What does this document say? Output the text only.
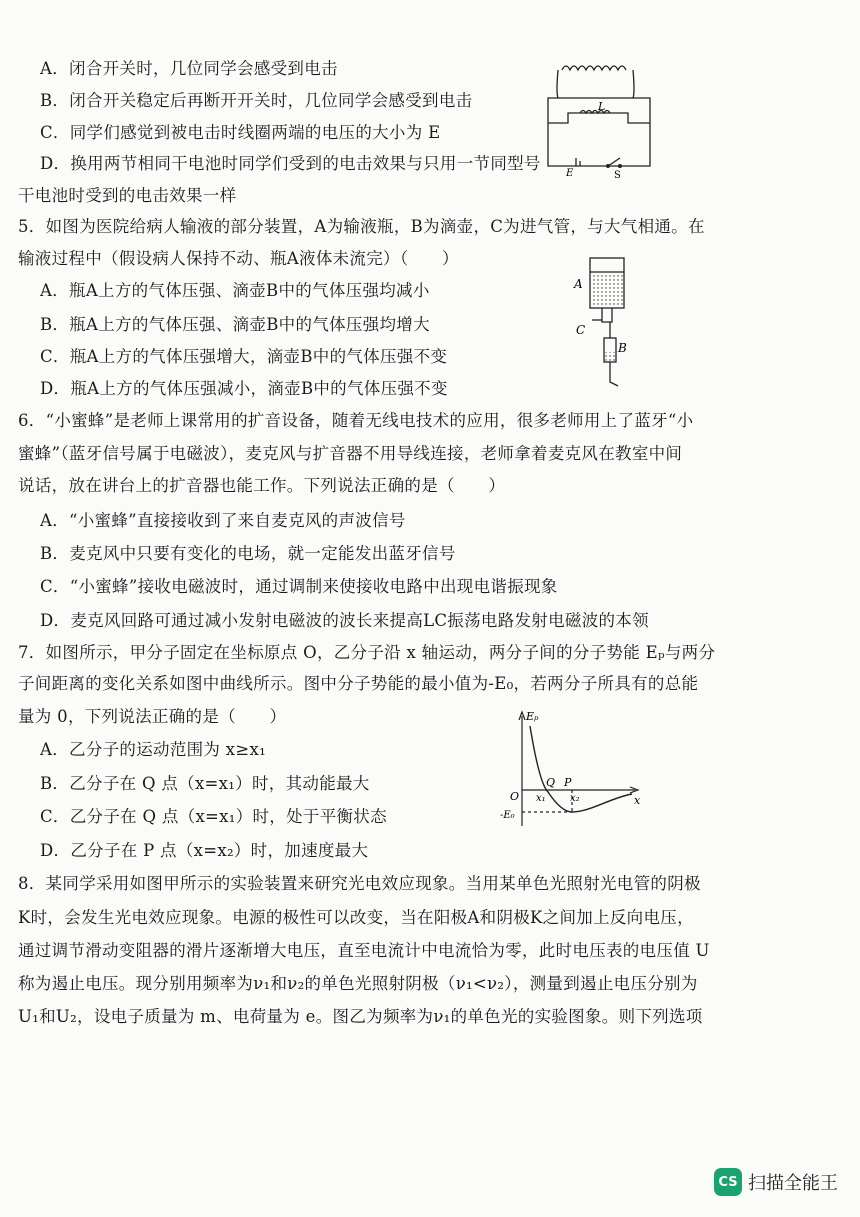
A．闭合开关时，几位同学会感受到电击
B．闭合开关稳定后再断开开关时，几位同学会感受到电击
C．同学们感觉到被电击时线圈两端的电压的大小为 E
D．换用两节相同干电池时同学们受到的电击效果与只用一节同型号
干电池时受到的电击效果一样
L
E	S
5．如图为医院给病人输液的部分装置，A为输液瓶，B为滴壶，C为进气管，与大气相通。在
输液过程中（假设病人保持不动、瓶A液体未流完）（　　）
A．瓶A上方的气体压强、滴壶B中的气体压强均减小
B．瓶A上方的气体压强、滴壶B中的气体压强均增大
C．瓶A上方的气体压强增大，滴壶B中的气体压强不变
D．瓶A上方的气体压强减小，滴壶B中的气体压强不变
A
C
B
6．“小蜜蜂”是老师上课常用的扩音设备，随着无线电技术的应用，很多老师用上了蓝牙“小
蜜蜂”（蓝牙信号属于电磁波），麦克风与扩音器不用导线连接，老师拿着麦克风在教室中间
说话，放在讲台上的扩音器也能工作。下列说法正确的是（　　）
A．“小蜜蜂”直接接收到了来自麦克风的声波信号
B．麦克风中只要有变化的电场，就一定能发出蓝牙信号
C．“小蜜蜂”接收电磁波时，通过调制来使接收电路中出现电谐振现象
D．麦克风回路可通过减小发射电磁波的波长来提高LC振荡电路发射电磁波的本领
7．如图所示，甲分子固定在坐标原点 O，乙分子沿 x 轴运动，两分子间的分子势能 Eₚ与两分
子间距离的变化关系如图中曲线所示。图中分子势能的最小值为-E₀，若两分子所具有的总能
量为 0，下列说法正确的是（　　）
A．乙分子的运动范围为 x≥x₁
B．乙分子在 Q 点（x=x₁）时，其动能最大
C．乙分子在 Q 点（x=x₁）时，处于平衡状态
D．乙分子在 P 点（x=x₂）时，加速度最大
Eₚ
x
O x₁ x₂
Q P
-E₀
8．某同学采用如图甲所示的实验装置来研究光电效应现象。当用某单色光照射光电管的阴极
K时，会发生光电效应现象。电源的极性可以改变，当在阳极A和阴极K之间加上反向电压，
通过调节滑动变阻器的滑片逐渐增大电压，直至电流计中电流恰为零，此时电压表的电压值 U
称为遏止电压。现分别用频率为ν₁和ν₂的单色光照射阴极（ν₁<ν₂），测量到遏止电压分别为
U₁和U₂，设电子质量为 m、电荷量为 e。图乙为频率为ν₁的单色光的实验图象。则下列选项
CS 扫描全能王
